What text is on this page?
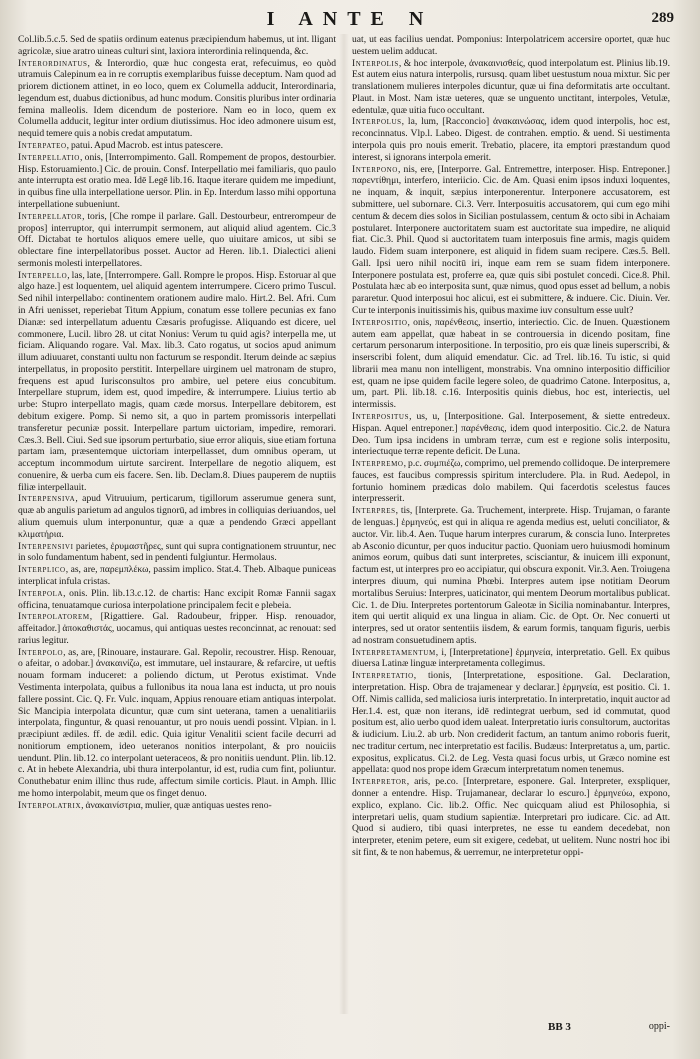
I ANTE N	289

Col.lib.5.c.5. Sed de spatiis ordinum eatenus præcipiendum habemus, ut int. lligant agricolæ, siue aratro uineas culturi sint, laxiora interordinia relinquenda, &c.

Interordinatus, & Interordio, quæ huc congesta erat, refecuimus, eo quòd utramuis Calepinum ea in re corruptis exemplaribus fuisse deceptum. Nam quod ad priorem dictionem attinet, in eo loco, quem ex Columella adducit, Interordinaria, legendum est, duabus dictionibus, ad hunc modum. Consitis pluribus inter ordinaria femina malleolis. Idem dicendum de posteriore. Nam eo in loco, quem ex Columella adducit, legitur inter ordium diutissimus. Hoc ideo admonere uisum est, nequid temere quis a nobis credat amputatum.

Interpateo, patui. Apud Macrob. est intus patescere.

Interpellatio, onis, [Interrompimento. Gall. Rompement de propos, destourbier. Hisp. Estoruamiento.] Cic. de prouin. Consf. Interpellatio mei familiaris, quo paulo ante interrupta est oratio mea. Idē Legē lib.16. Itaque iterare quidem me impediunt, in quibus fine ulla interpellatione uersor. Plin. in Ep. Interdum lasso mihi opportuna interpellatione subueniunt.

Interpellator, toris, [Che rompe il parlare. Gall. Destourbeur, entrerompeur de propos] interruptor, qui interrumpit sermonem, aut aliquid aliud agentem. Cic.3 Off. Dictabat te hortulos aliquos emere uelle, quo uiuitare amicos, ut sibi se oblectare fine interpellatoribus posset. Auctor ad Heren. lib.1. Dialectici alieni sermonis molesti interpellatores.

Interpello, las, late, [Interrompere. Gall. Rompre le propos. Hisp. Estoruar al que algo haze.] est loquentem, uel aliquid agentem interrumpere. Cicero primo Tuscul. Sed nihil interpellabo: continentem orationem audire malo. Hirt.2. Bel. Afri. Cum in Afri uenisset, reperiebat Titum Appium, conatum esse tollere pecunias ex fano Dianæ: sed interpellatum aduentu Cæsaris profugisse. Aliquando est dicere, uel commonere, Lucil. libro 28. ut citat Nonius: Verum tu quid agis? interpella me, ut ficiam. Aliquando rogare. Val. Max. lib.3. Cato rogatus, ut socios apud animum illum adiuuaret, constanti uultu non facturum se respondit. Iterum deinde ac sæpius interpellatus, in proposito perstitit. Interpellare uirginem uel matronam de stupro, frequens est apud Iurisconsultos pro ambire, uel petere eius concubitum. Interpellare stuprum, idem est, quod impedire, & interrumpere. Liuius tertio ab urbe: Stupro interpellato magis, quam cæde morsus. Interpellare debitorem, est debitum exigere. Pomp. Si nemo sit, a quo in partem promissoris interpellati transferetur pecuniæ possit. Interpellare partum uictoriam, impedire, remorari. Cæs.3. Bell. Ciui. Sed sue ipsorum perturbatio, siue error aliquis, siue etiam fortuna partam iam, præsentemque uictoriam interpellasset, dum omnibus operam, ut acceptum incommodum uirtute sarcirent. Interpellare de negotio aliquem, est conuenire, & uerba cum eis facere. Sen. lib. Declam.8. Diues pauperem de nuptiis filiæ interpellauit.

Interpensiva, apud Vitruuium, perticarum, tigillorum asserumue genera sunt, quæ ab angulis parietum ad angulos tignorū, ad imbres in colliquias deriuandos, uel alium quemuis ulum interponuntur, quæ a quæ a pendendo Græci appellant κλιματήρια.

Interpensivi parietes, ἐρυμαστῆρες, sunt qui supra contignationem struuntur, nec in solo fundamentum habent, sed in pendenti fulgiuntur. Hermolaus.

Interplico, as, are, παρεμπλέκω, passim implico. Stat.4. Theb. Albaque puniceas interplicat infula cristas.

Interpola, onis. Plin. lib.13.c.12. de chartis: Hanc excipit Romæ Fannii sagax officina, tenuatamque curiosa interpolatione principalem fecit e plebeia.

Interpolatorem, [Rigattiere. Gal. Radoubeur, fripper. Hisp. renouador, affeitador.] ἀποκαθιστάς, uocamus, qui antiquas uestes reconcinnat, ac renouat: sed rarius legitur.

Interpolo, as, are, [Rinouare, instaurare. Gal. Repolir, recoustrer. Hisp. Renouar, o afeitar, o adobar.] ἀνακαινίζω, est immutare, uel instaurare, & refarcire, ut ueftis nouam formam induceret: a poliendo dictum, ut Perotus existimat. Vnde Vestimenta interpolata, quibus a fullonibus ita noua lana est inducta, ut pro nouis fallere possint. Cic. Q. Fr. Vulc. inquam, Appius renouare etiam antiquas interpolat. Sic Mancipia interpolata dicuntur, quæ cum sint ueterana, tamen a uenalitiariis interpolata, finguntur, & quasi renouantur, ut pro nouis uendi possint. Vlpian. in l. præcipiunt ædiles. ff. de ædil. edic. Quia igitur Venalitii scient facile decurri ad nonitiorum emptionem, ideo ueteranos nonitios interpolant, & pro nouiciis uendunt. Plin. lib.12. co interpolant ueteraceos, & pro nonitiis uendunt. Plin. lib.12. c. At in hebete Alexandria, ubi thura interpolantur, id est, rudia cum fint, poliuntur. Conuthebatur enim illinc thus rude, affectum simile corticis. Plaut. in Amph. Illic me homo interpolabit, meum que os finget denuo.

Interpolatrix, ἀνακαινίστρια, mulier, quæ antiquas uestes reno-

uat, ut eas facilius uendat. Pomponius: Interpolatricem accersire oportet, quæ huc uestem uelim adducat.

Interpolis, & hoc interpole, ἀνακαινισθείς, quod interpolatum est. Plinius lib.19. Est autem eius natura interpolis, rursusq. quam libet uestustum noua mixtur. Sic per translationem mulieres interpoles dicuntur, quæ ui fina deformitatis arte occultant. Plaut. in Most. Nam istæ ueteres, quæ se unguento unctitant, interpoles, Vetulæ, edentulæ, quæ uitia fuco occultant.

Interpolus, la, lum, [Racconcio] ἀνακαινώσας, idem quod interpolis, hoc est, reconcinnatus. Vlp.l. Labeo. Digest. de contrahen. emptio. & uend. Si uestimenta interpola quis pro nouis emerit. Trebatio, placere, ita emptori præstandum quod interest, si ignorans interpola emerit.

Interpono, nis, ere, [Interporre. Gal. Entremettre, interposer. Hisp. Entreponer.] παρεντίθημι, interfero, interiicio. Cic. de Am. Quasi enim ipsos induxi loquentes, ne inquam, & inquit, sæpius interponerentur. Interponere accusatorem, est submittere, uel subornare. Ci.3. Verr. Interposuitis accusatorem, qui cum ego mihi centum & decem dies solos in Sicilian postulassem, centum & octo sibi in Achaiam postularet. Interponere auctoritatem suam est auctoritate sua impedire, ne aliquid fiat. Cic.3. Phil. Quod si auctoritatem tuam interposuis fine armis, magis quidem laudo. Fidem suam interponere, est aliquid in fidem suam recipere. Cæs.5. Bell. Gall. Ipsi uero nihil nocitū iri, inque eam rem se suam fidem interponere. Interponere postulata est, proferre ea, quæ quis sibi postulet concedi. Cice.8. Phil. Postulata hæc ab eo interposita sunt, quæ nimus, quod opus esset ad bellum, a nobis pararetur. Quod interposui hoc alicui, est ei submittere, & induere. Cic. Diuin. Ver. Cur te interponis inuitissimis his, quibus maxime iuv consultum esse uult?

Interpositio, onis, παρένθεσις, insertio, interiectio. Cic. de Inuen. Quæstionem autem eam appellat, quæ habeat in se controuersia in dicendo positam, fine certarum personarum interpositione. In terpositio, pro eis quæ lineis superscribi, & inserscribi folent, dum aliquid emendatur. Cic. ad Trel. lib.16. Tu istic, si quid librarii mea manu non intelligent, monstrabis. Vna omnino interpositio difficilior est, quam ne ipse quidem facile legere soleo, de quadrimo Catone. Interpositus, a, um, part. Pli. lib.18. c.16. Interpositis quinis diebus, hoc est, interiectis, uel intermissis.

Interpositus, us, u, [Interpositione. Gal. Interposement, & siette entredeux. Hispan. Aquel entreponer.] παρένθεσις, idem quod interpositio. Cic.2. de Natura Deo. Tum ipsa incidens in umbram terræ, cum est e regione solis interpositu, interiectuque terræ repente deficit. De Luna.

Interpremo, p.c. συμπιέζω, comprimo, uel premendo collidoque. De interpremere fauces, est faucibus compressis spiritum intercludere. Pla. in Rud. Aedepol, in fortunio hominem prædicas dolo mabilem. Qui facerdotis scelestus fauces interpresserit.

Interpres, tis, [Interprete. Ga. Truchement, interprete. Hisp. Trujaman, o farante de lenguas.] ἑρμηνεύς, est qui in aliqua re agenda medius est, ueluti conciliator, & auctor. Vir. lib.4. Aen. Tuque harum interpres curarum, & conscia Iuno. Interpretes ab Asconio dicuntur, per quos inducitur pactio. Quoniam uero huiusmodi hominum animos eorum, quibus dati sunt interpretes, scisciantur, & inuicem illi exponunt, factum est, ut interpres pro eo accipiatur, qui obscura exponit. Vir.3. Aen. Troiugena interpres diuum, qui numina Phœbi. Interpres autem ipse notitiam Deorum mortalibus Seruius: Interpres, uaticinator, qui mentem Deorum mortalibus publicat. Cic. 1. de Diu. Interpretes portentorum Galeotæ in Sicilia nominabantur. Interpres, item qui uertit aliquid ex una lingua in aliam. Cic. de Opt. Or. Nec conuerti ut interpres, sed ut orator sententiis iisdem, & earum formis, tanquam figuris, uerbis ad nostram consuetudinem aptis.

Interpretamentum, i, [Interpretatione] ἑρμηνεία, interpretatio. Gell. Ex quibus diuersa Latinæ linguæ interpretamenta collegimus.

Interpretatio, tionis, [Interpretatione, espositione. Gal. Declaration, interpretation. Hisp. Obra de trajamenear y declarar.] ἑρμηνεία, est positio. Ci. 1. Off. Nimis callida, sed maliciosa iuris interpretatio. In interpretatio, inquit auctor ad Her.1.4. est, quæ non iterans, idē redintegrat uerbum, sed id commutat, quod positum est, alio uerbo quod idem ualeat. Interpretatio iuris consultorum, auctoritas & iudicium. Liu.2. ab urb. Non crediderit factum, an tantum animo roboris fuerit, nec traditur certum, nec interpretatio est facilis. Budæus: Interpretatus a, um, partic. expositus, explicatus. Ci.2. de Leg. Vesta quasi focus urbis, ut Græco nomine est appellata: quod nos prope idem Græcum interpretatum nomen tenemus.

Interpretor, aris, pe.co. [Interpretare, esponere. Gal. Interpreter, exspliquer, donner a entendre. Hisp. Trujamanear, declarar lo escuro.] ἑρμηνεύω, expono, explico, explano. Cic. lib.2. Offic. Nec quicquam aliud est Philosophia, si interpretari uelis, quam studium sapientiæ. Interpretari pro iudicare. Cic. ad Att. Quod si audiero, tibi quasi interpretes, ne esse tu eandem decedebat, non interpreter, etenim petere, eum sit exigere, cedebat, ut uelitem. Nunc nostri hoc ibi sit fint, & te non habemus, & uerremur, ne interpretetur oppi-

BB 3	oppi-
